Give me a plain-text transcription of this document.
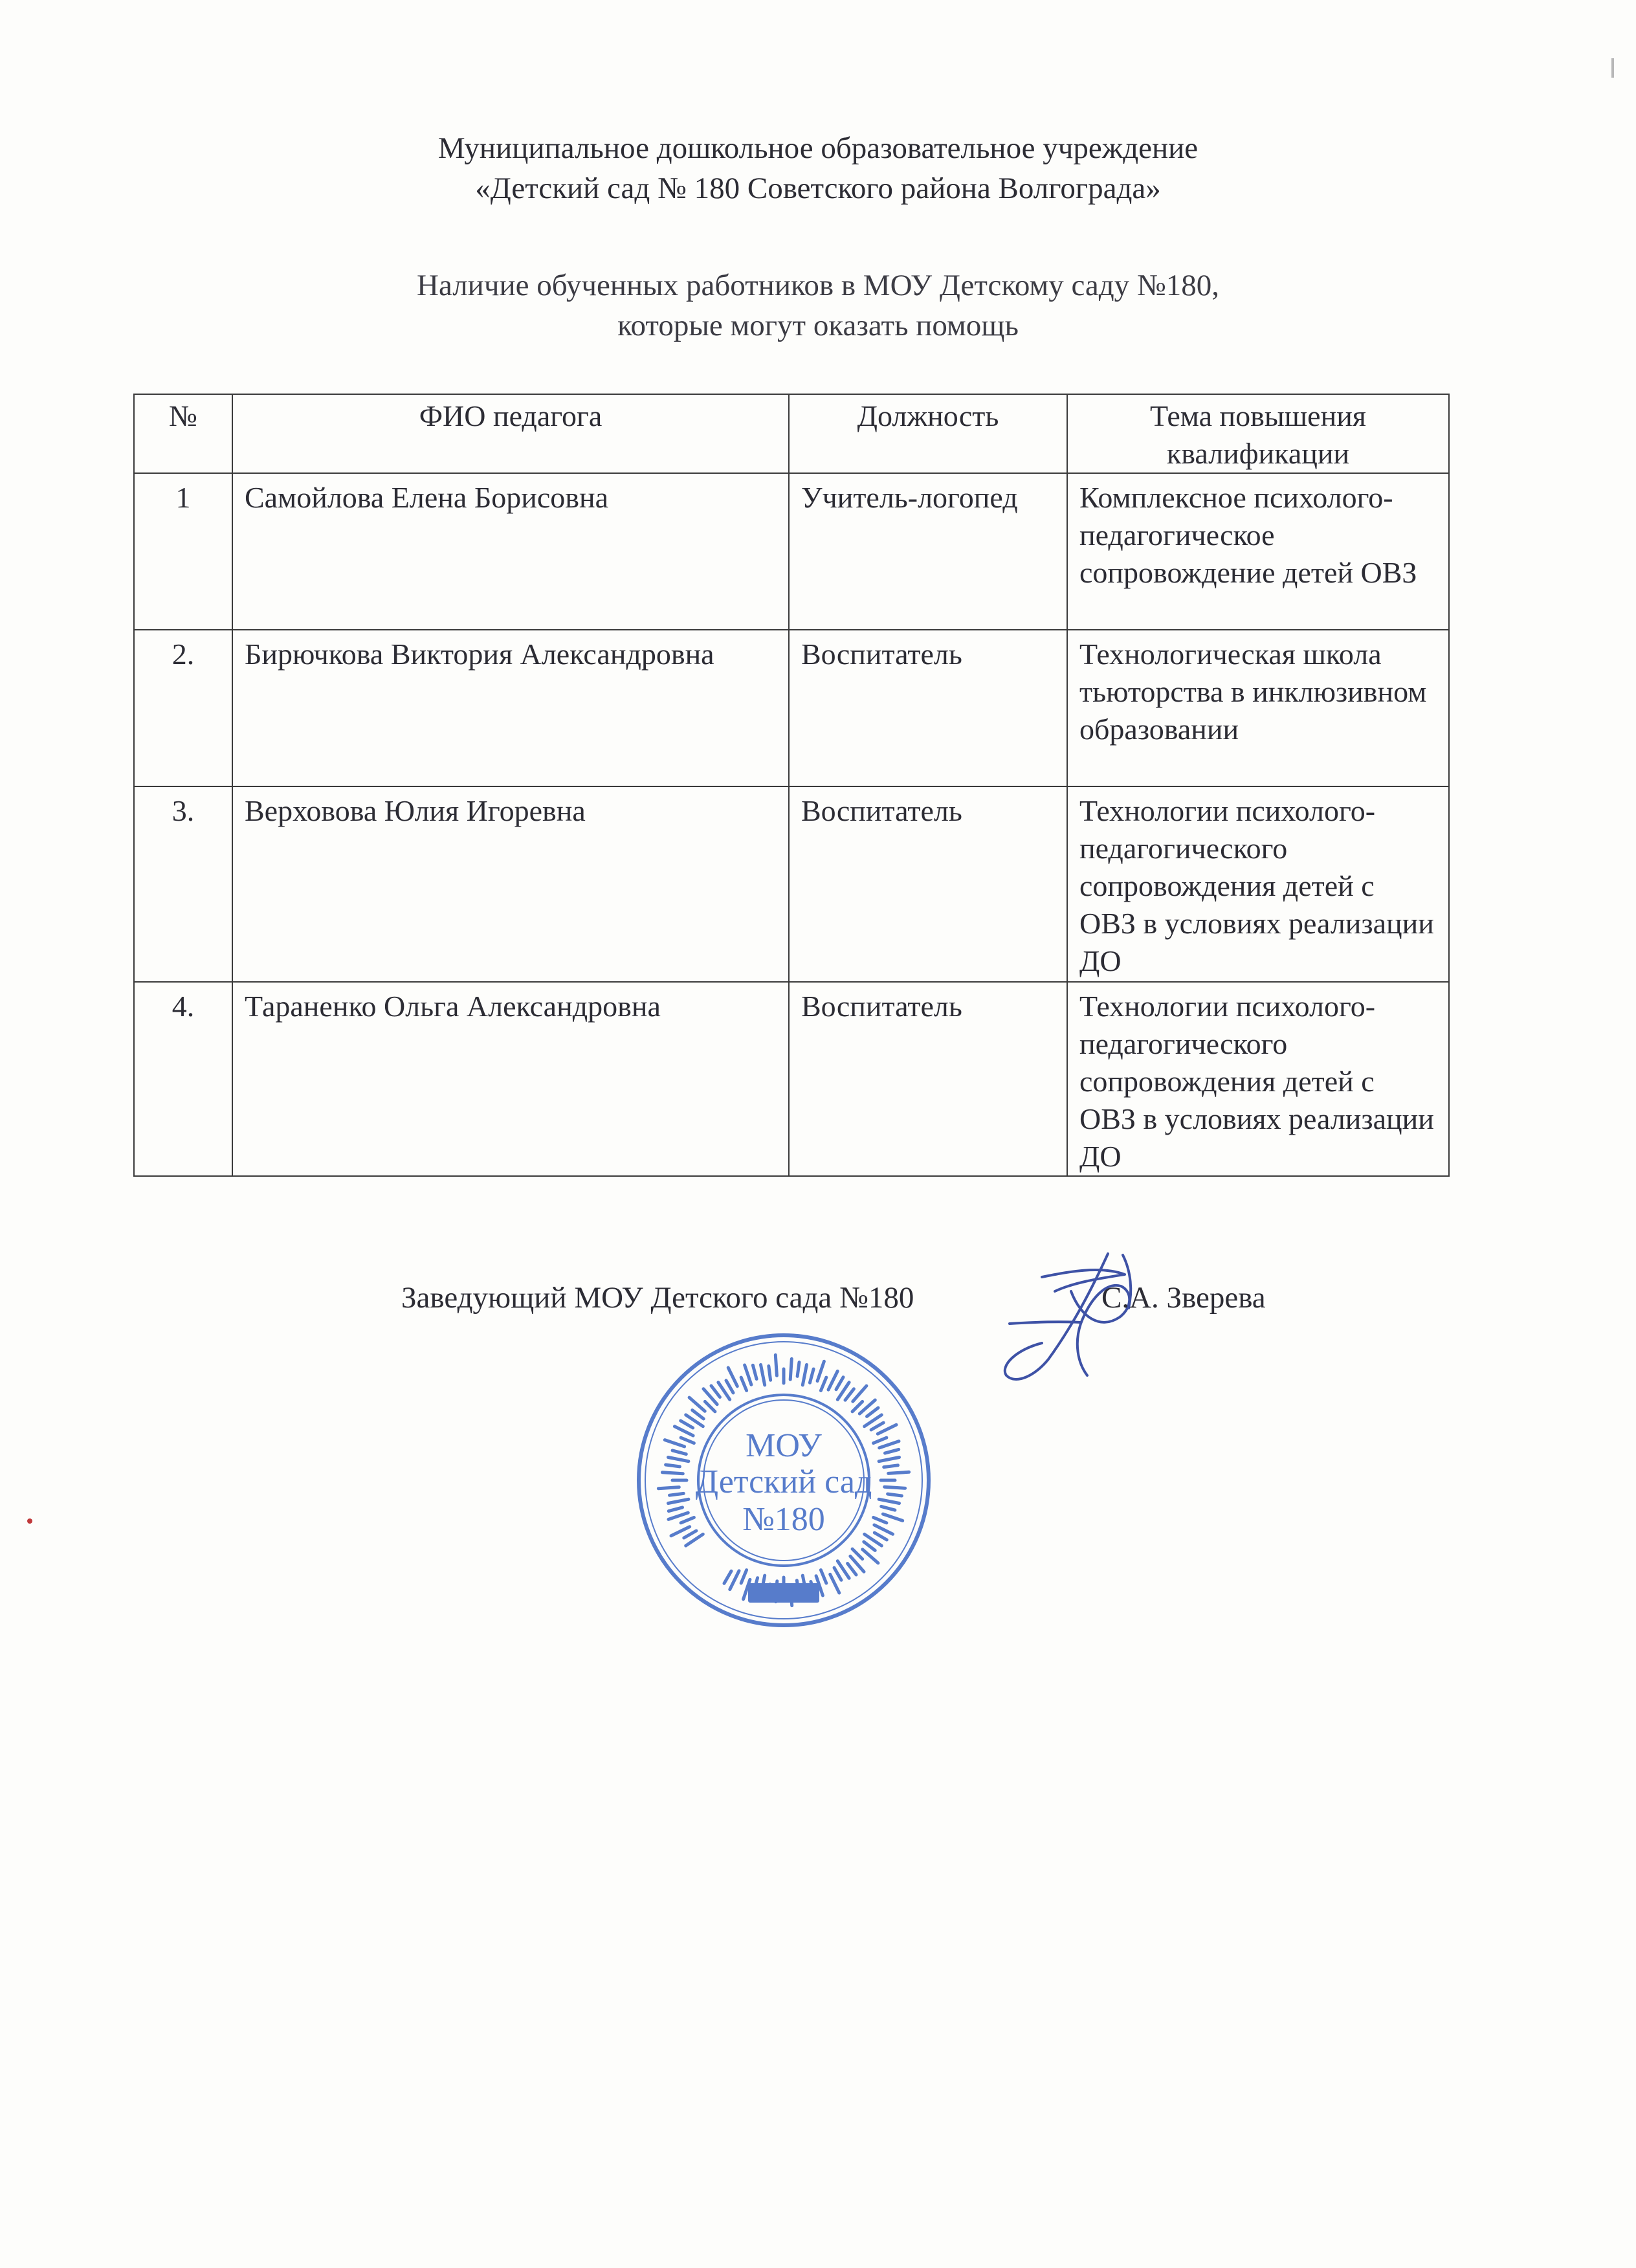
Муниципальное дошкольное образовательное учреждение
«Детский сад № 180 Советского района Волгограда»
Наличие обученных работников в МОУ Детскому саду №180,
которые могут оказать помощь
№	ФИО педагога	Должность	Тема повышения квалификации
1	Самойлова Елена Борисовна	Учитель-логопед	Комплексное психолого-педагогическое сопровождение детей ОВЗ
2.	Бирючкова Виктория Александровна	Воспитатель	Технологическая школа тьюторства в инклюзивном образовании
3.	Верховова Юлия Игоревна	Воспитатель	Технологии психолого-педагогического сопровождения детей с ОВЗ в условиях реализации ДО
4.	Тараненко Ольга Александровна	Воспитатель	Технологии психолого-педагогического сопровождения детей с ОВЗ в условиях реализации ДО
Заведующий МОУ Детского сада №180	С.А. Зверева
МОУ
Детский сад
№180
